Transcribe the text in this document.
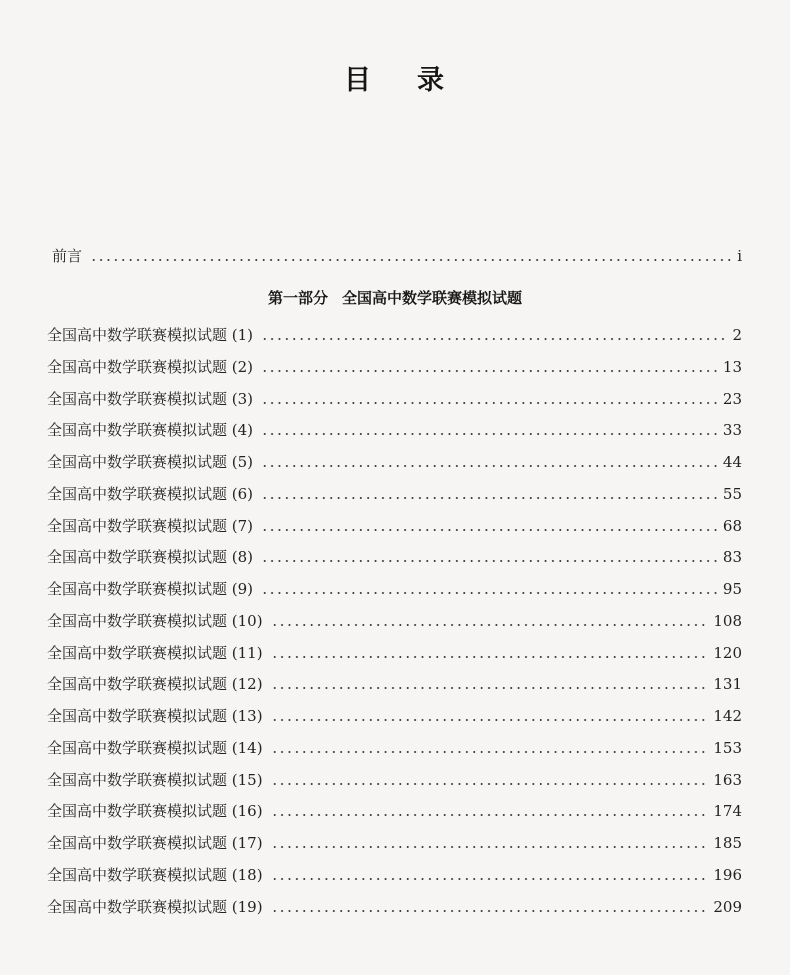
目 录
前言	i
第一部分 全国高中数学联赛模拟试题
全国高中数学联赛模拟试题 (1)	2
全国高中数学联赛模拟试题 (2)	13
全国高中数学联赛模拟试题 (3)	23
全国高中数学联赛模拟试题 (4)	33
全国高中数学联赛模拟试题 (5)	44
全国高中数学联赛模拟试题 (6)	55
全国高中数学联赛模拟试题 (7)	68
全国高中数学联赛模拟试题 (8)	83
全国高中数学联赛模拟试题 (9)	95
全国高中数学联赛模拟试题 (10)	108
全国高中数学联赛模拟试题 (11)	120
全国高中数学联赛模拟试题 (12)	131
全国高中数学联赛模拟试题 (13)	142
全国高中数学联赛模拟试题 (14)	153
全国高中数学联赛模拟试题 (15)	163
全国高中数学联赛模拟试题 (16)	174
全国高中数学联赛模拟试题 (17)	185
全国高中数学联赛模拟试题 (18)	196
全国高中数学联赛模拟试题 (19)	209
